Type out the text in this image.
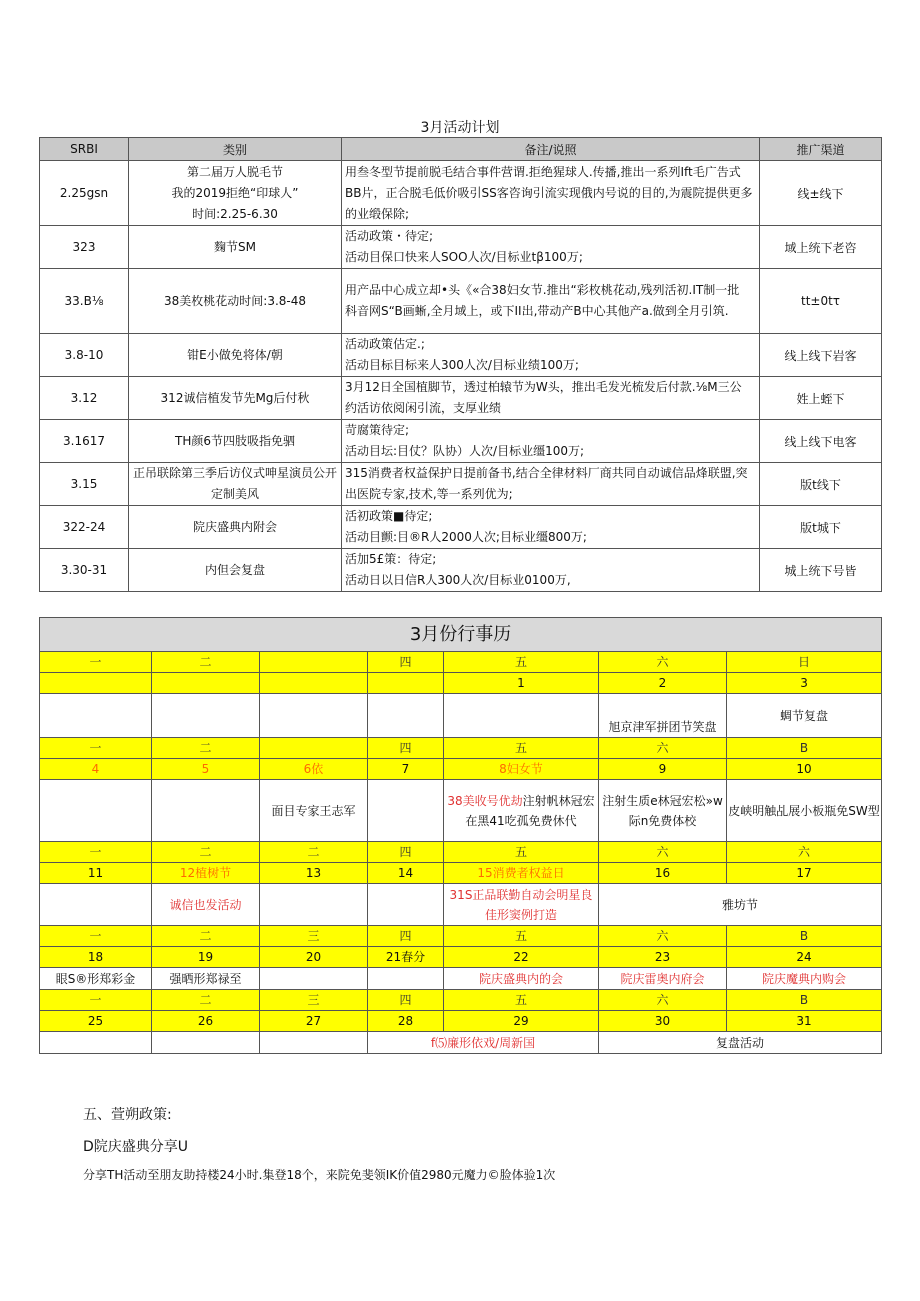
3月活动计划
SRBI	类别	备注/说照	推广渠道
2.25gsn	第二届万人脱毛节
我的2019拒绝“印球人”
时间:2.25-6.30	用叁冬型节提前脱毛结合事件营谓.拒绝猩球人.传播,推出一系列Ift毛广告式
BB片，正合脱毛低价吸引SS客咨询引流实现俄内号说的目的,为震院提供更多
的业缎保除;	线±线下
323	麴节SM	活动政策・待定;
活动目保口快来人SOO人次/目标业tβ100万;	域上统下老咨
33.B⅛	38美枚桃花动时间:3.8-48	用产品中心成立却•头《«合38妇女节.推出“彩枚桃花动,残列活初.IT制一批
科音网S“B画蜥,全月域上，或下II出,带动产B中心其他产a.做到全月引筑.	tt±0tτ
3.8-10	钳E小做免将体/朝	活动政策估定.;
活动目标目标来人300人次/目标业绩100万;	线上线下岩客
3.12	312诚信植发节先Mg后付秋	3月12日全国植脚节，透过柏辕节为W头，推出毛发光梳发后付款.⅛M三公
约活访依阅闲引流，支厚业绩	姓上蛭下
3.1617	TH颜6节四肢吸指免驷	苛腐策待定;
活动目坛:目仗？队协）人次/目标业缰100万;	线上线下电客
3.15	正吊联除第三季后访仪式呻星演员公开
定制美风	315消费者权益保护日提前备书,结合全律材料厂商共同自动诚信品烽联盟,突
出医院专家,技术,等一系列优为;	版t线下
322-24	院庆盛典内附会	活初政策■待定;
活动目颤:目®R人2000人次;目标业缰800万;	版t城下
3.30-31	内但会复盘	活加5£策：待定;
活动日以日信R人300人次/目标业0100万,	城上统下号皆
3月份行事历						
一	二		四	五	六	日
				1	2	3
					旭京津军拼团节笑盘	蜩节复盘
一	二		四	五	六	B
4	5	6依	7	8妇女节	9	10
		面目专家王志军		38美收号优劫注射帆林冠宏在黑41吃孤免费休代	注射生质e林冠宏松»w际n免费体校	皮峡明触乩展小板瓶免SW型
一	二	二	四	五	六	六
11	12植树节	13	14	15消费者权益日	16	17
	诚信也发活动			31S正品联勤自动会明星良佳形窦例打造	雅坊节	
一	二	三	四	五	六	B
18	19	20	21春分	22	23	24
眼S®形郑彩金	强晒形郑禄至			院庆盛典内的会	院庆雷奥内府会	院庆魔典内购会
一	二	三	四	五	六	B
25	26	27	28	29	30	31
			f⑸廉形依戏/周新国		复盘活动	
五、萱朔政策:
D院庆盛典分享U
分享TH活动至朋友助持楼24小时.集登18个，来院免斐领IK价值2980元魔力©脸体验1次
